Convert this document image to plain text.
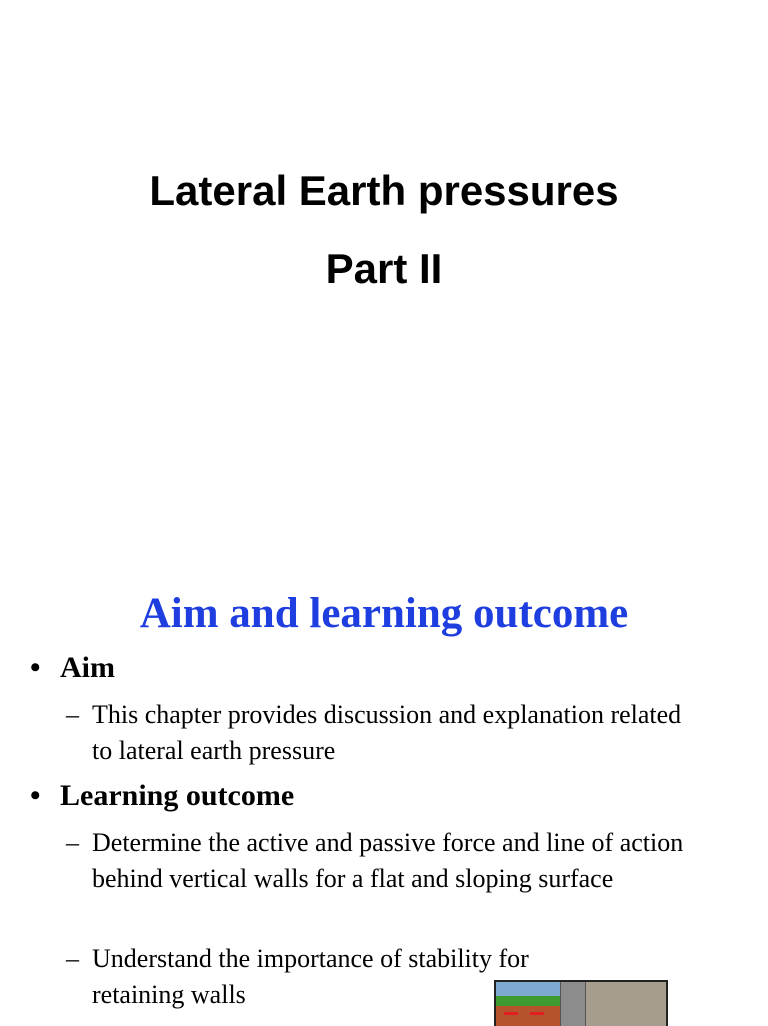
Lateral Earth pressures
Part II
Aim and learning outcome
• Aim
– This chapter provides discussion and explanation related to lateral earth pressure
• Learning outcome
– Determine the active and passive force and line of action behind vertical walls for a flat and sloping surface
– Understand the importance of stability for retaining walls
